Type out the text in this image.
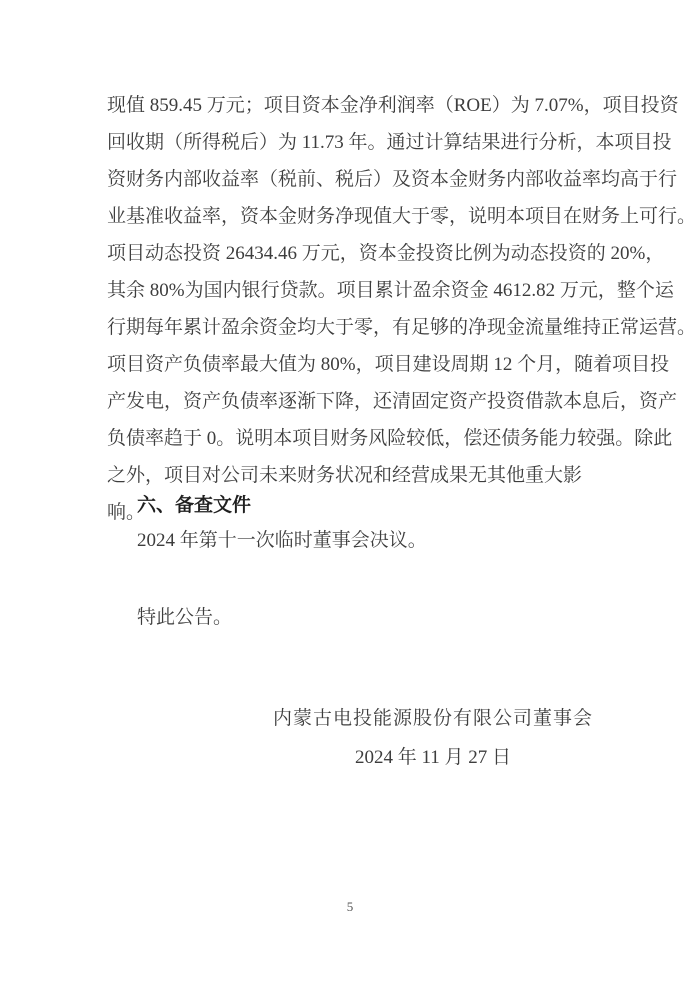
现值 859.45 万元；项目资本金净利润率（ROE）为 7.07%，项目投资
回收期（所得税后）为 11.73 年。通过计算结果进行分析，本项目投
资财务内部收益率（税前、税后）及资本金财务内部收益率均高于行
业基准收益率，资本金财务净现值大于零，说明本项目在财务上可行。
项目动态投资 26434.46 万元，资本金投资比例为动态投资的 20%，
其余 80%为国内银行贷款。项目累计盈余资金 4612.82 万元，整个运
行期每年累计盈余资金均大于零，有足够的净现金流量维持正常运营。
项目资产负债率最大值为 80%，项目建设周期 12 个月，随着项目投
产发电，资产负债率逐渐下降，还清固定资产投资借款本息后，资产
负债率趋于 0。说明本项目财务风险较低，偿还债务能力较强。除此
之外，项目对公司未来财务状况和经营成果无其他重大影响。
六、备查文件
2024 年第十一次临时董事会决议。
特此公告。
内蒙古电投能源股份有限公司董事会
2024 年 11 月 27 日
5
